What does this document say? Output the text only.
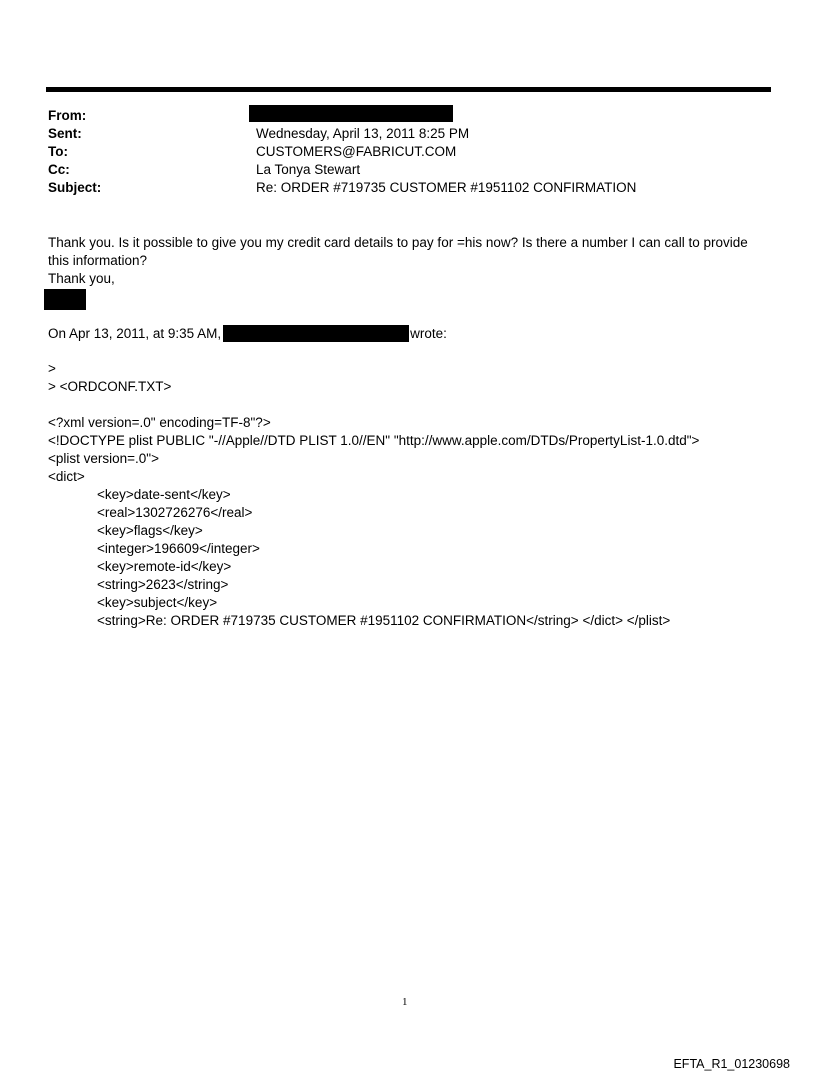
From:
Sent:	Wednesday, April 13, 2011 8:25 PM
To:	CUSTOMERS@FABRICUT.COM
Cc:	La Tonya Stewart
Subject:	Re: ORDER #719735 CUSTOMER #1951102 CONFIRMATION
Thank you. Is it possible to give you my credit card details to pay for =his now? Is there a number I can call to provide this information?
Thank you,
On Apr 13, 2011, at 9:35 AM,	wrote:
>
> <ORDCONF.TXT>
<?xml version=.0" encoding=TF-8"?>
<!DOCTYPE plist PUBLIC "-//Apple//DTD PLIST 1.0//EN" "http://www.apple.com/DTDs/PropertyList-1.0.dtd">
<plist version=.0">
<dict>
<key>date-sent</key>
<real>1302726276</real>
<key>flags</key>
<integer>196609</integer>
<key>remote-id</key>
<string>2623</string>
<key>subject</key>
<string>Re: ORDER #719735 CUSTOMER #1951102 CONFIRMATION</string> </dict> </plist>
1
EFTA_R1_01230698
